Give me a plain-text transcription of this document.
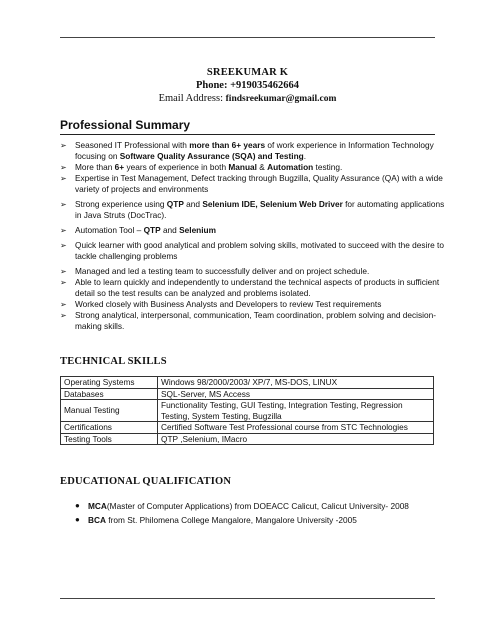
SREEKUMAR K
Phone: +919035462664
Email Address: findsreekumar@gmail.com
Professional Summary
➢ Seasoned IT Professional with more than 6+ years of work experience in Information Technology focusing on Software Quality Assurance (SQA) and Testing.
➢ More than 6+ years of experience in both Manual & Automation testing.
➢ Expertise in Test Management, Defect tracking through Bugzilla, Quality Assurance (QA) with a wide variety of projects and environments
➢ Strong experience using QTP and Selenium IDE, Selenium Web Driver for automating applications in Java Struts (DocTrac).
➢ Automation Tool – QTP and Selenium
➢ Quick learner with good analytical and problem solving skills, motivated to succeed with the desire to tackle challenging problems
➢ Managed and led a testing team to successfully deliver and on project schedule.
➢ Able to learn quickly and independently to understand the technical aspects of products in sufficient detail so the test results can be analyzed and problems isolated.
➢ Worked closely with Business Analysts and Developers to review Test requirements
➢ Strong analytical, interpersonal, communication, Team coordination, problem solving and decision-making skills.
TECHNICAL SKILLS
Operating Systems	Windows 98/2000/2003/ XP/7, MS-DOS, LINUX
Databases	SQL-Server, MS Access
Manual Testing	Functionality Testing, GUI Testing, Integration Testing, Regression Testing, System Testing, Bugzilla
Certifications	Certified Software Test Professional course from STC Technologies
Testing Tools	QTP ,Selenium, IMacro
EDUCATIONAL QUALIFICATION
● MCA(Master of Computer Applications) from DOEACC Calicut, Calicut University- 2008
● BCA from St. Philomena College Mangalore, Mangalore University -2005
